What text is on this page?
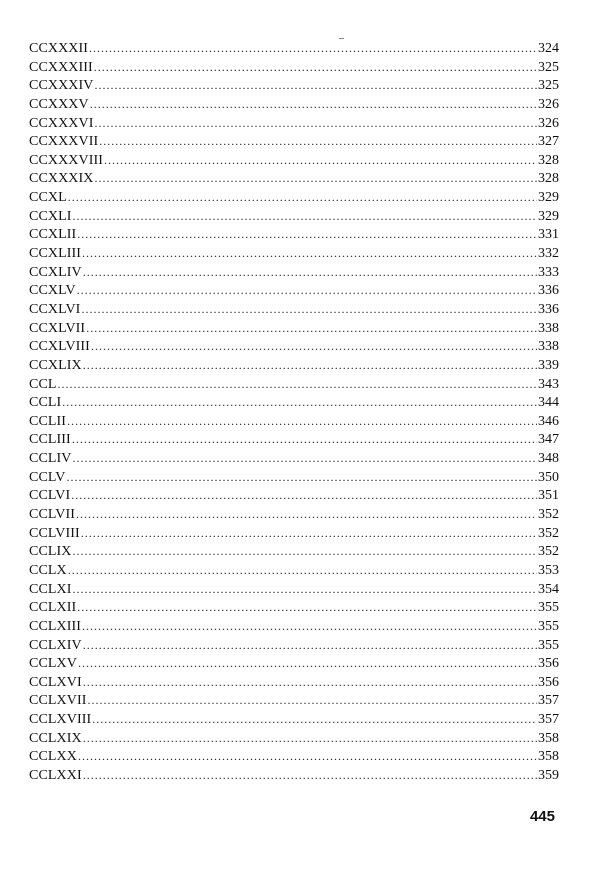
CCXXXII .....	324
CCXXXIII .....	325
CCXXXIV .....	325
CCXXXV .....	326
CCXXXVI .....	326
CCXXXVII .....	327
CCXXXVIII .....	328
CCXXXIX .....	328
CCXL .....	329
CCXLI .....	329
CCXLII .....	331
CCXLIII .....	332
CCXLIV .....	333
CCXLV .....	336
CCXLVI .....	336
CCXLVII .....	338
CCXLVIII .....	338
CCXLIX .....	339
CCL .....	343
CCLI .....	344
CCLII .....	346
CCLIII .....	347
CCLIV .....	348
CCLV .....	350
CCLVI .....	351
CCLVII .....	352
CCLVIII .....	352
CCLIX .....	352
CCLX .....	353
CCLXI .....	354
CCLXII .....	355
CCLXIII .....	355
CCLXIV .....	355
CCLXV .....	356
CCLXVI .....	356
CCLXVII .....	357
CCLXVIII .....	357
CCLXIX .....	358
CCLXX .....	358
CCLXXI .....	359
445
